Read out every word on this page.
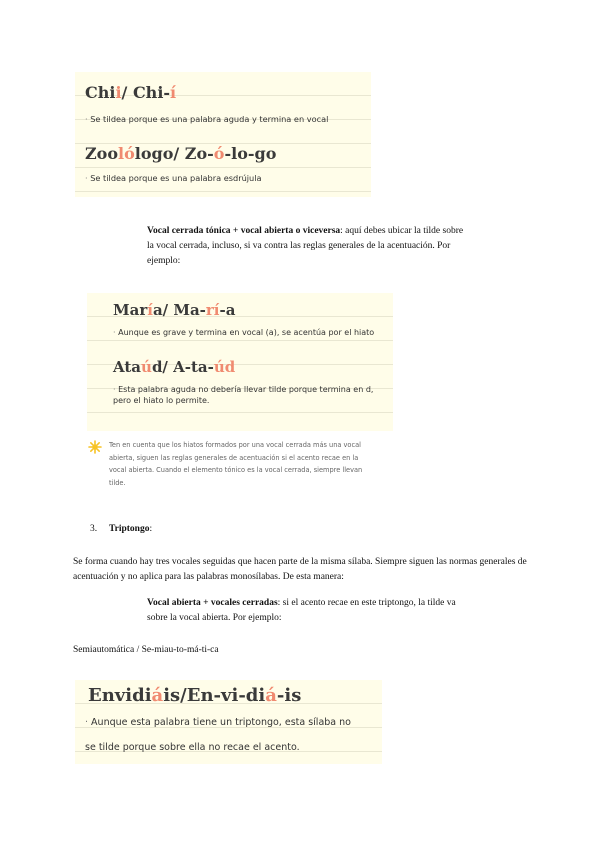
Chii/ Chi-í
· Se tildea porque es una palabra aguda y termina en vocal
Zoolólogo/ Zo-ó-lo-go
· Se tildea porque es una palabra esdrújula
Vocal cerrada tónica + vocal abierta o viceversa: aquí debes ubicar la tilde sobre la vocal cerrada, incluso, si va contra las reglas generales de la acentuación. Por ejemplo:
María/ Ma-rí-a
· Aunque es grave y termina en vocal (a), se acentúa por el hiato
Ataúd/ A-ta-úd
· Esta palabra aguda no debería llevar tilde porque termina en d, pero el hiato lo permite.
Ten en cuenta que los hiatos formados por una vocal cerrada más una vocal abierta, siguen las reglas generales de acentuación si el acento recae en la vocal abierta. Cuando el elemento tónico es la vocal cerrada, siempre llevan tilde.
3. Triptongo:
Se forma cuando hay tres vocales seguidas que hacen parte de la misma sílaba. Siempre siguen las normas generales de acentuación y no aplica para las palabras monosílabas. De esta manera:
Vocal abierta + vocales cerradas: si el acento recae en este triptongo, la tilde va sobre la vocal abierta. Por ejemplo:
Semiautomática / Se-miau-to-má-ti-ca
Envidiáis/En-vi-diá-is
· Aunque esta palabra tiene un triptongo, esta sílaba no
se tilde porque sobre ella no recae el acento.
